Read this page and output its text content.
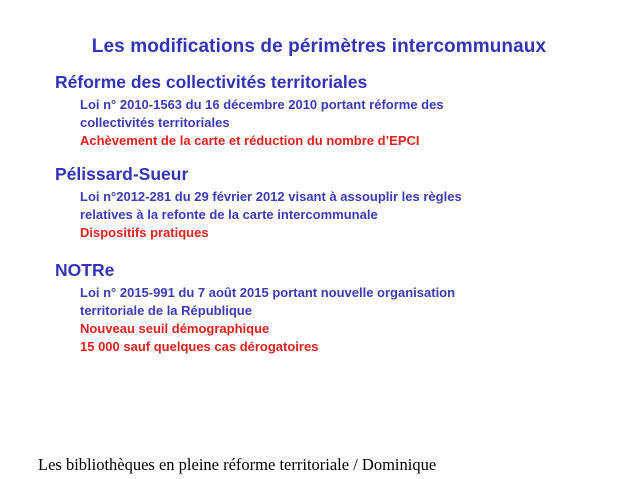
Les modifications de périmètres intercommunaux
Réforme des collectivités territoriales
Loi n° 2010-1563 du 16 décembre 2010 portant réforme des
collectivités territoriales
Achèvement de la carte et réduction du nombre d’EPCI
Pélissard-Sueur
Loi n°2012-281 du 29 février 2012 visant à assouplir les règles
relatives à la refonte de la carte intercommunale
Dispositifs pratiques
NOTRe
Loi n° 2015-991 du 7 août 2015 portant nouvelle organisation
territoriale de la République
Nouveau seuil démographique
15 000 sauf quelques cas dérogatoires
Les bibliothèques en pleine réforme territoriale / Dominique
